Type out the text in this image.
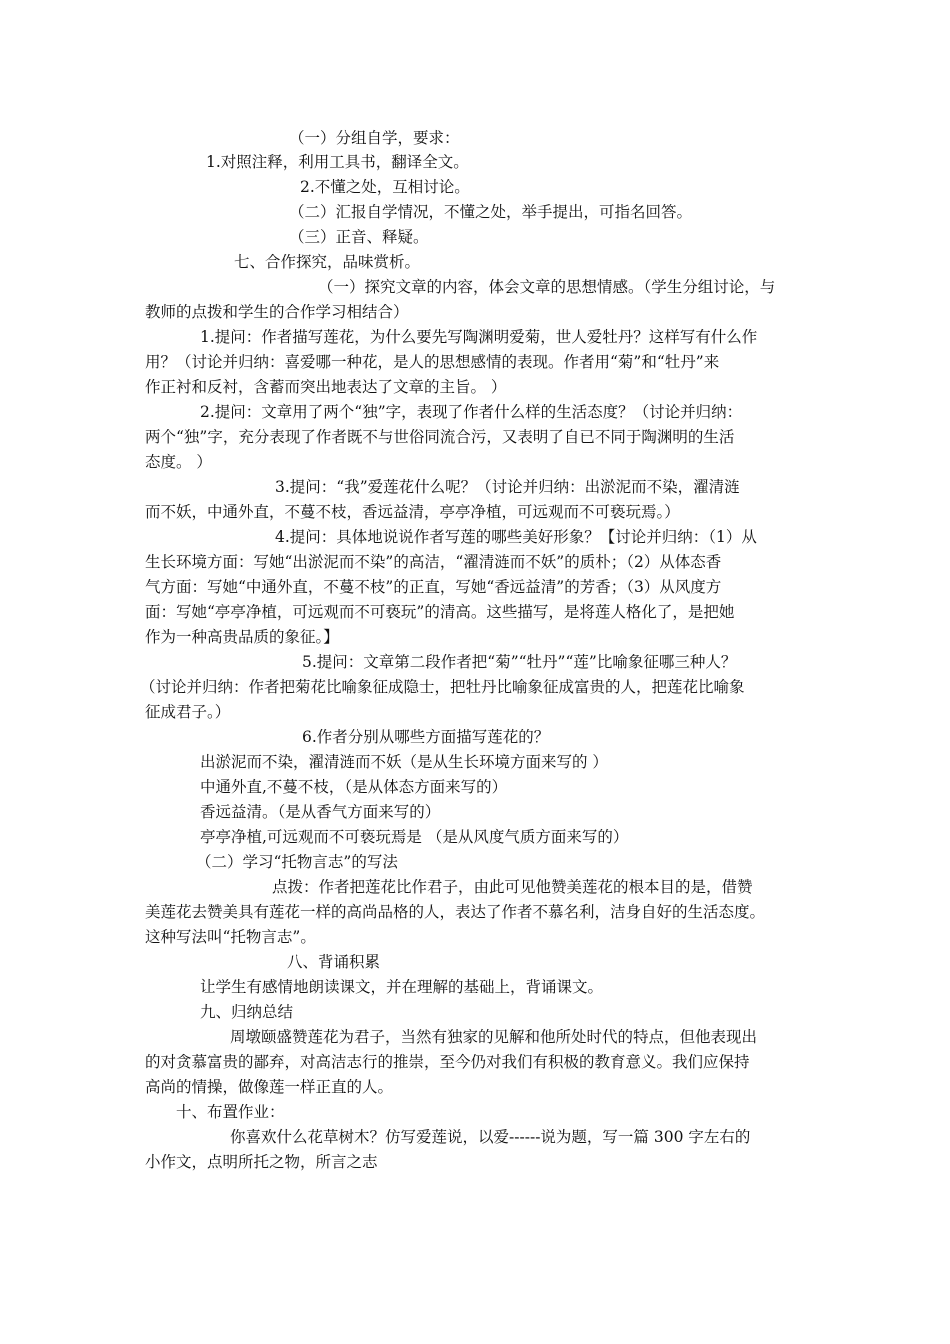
（一）分组自学，要求：
1.对照注释，利用工具书，翻译全文。
2.不懂之处，互相讨论。
（二）汇报自学情况，不懂之处，举手提出，可指名回答。
（三）正音、释疑。
七、合作探究，品味赏析。
（一）探究文章的内容，体会文章的思想情感。（学生分组讨论，与
教师的点拨和学生的合作学习相结合）
1.提问：作者描写莲花，为什么要先写陶渊明爱菊，世人爱牡丹？这样写有什么作
用？（讨论并归纳：喜爱哪一种花，是人的思想感情的表现。作者用“菊”和“牡丹”来
作正衬和反衬，含蓄而突出地表达了文章的主旨。 ）
2.提问：文章用了两个“独”字，表现了作者什么样的生活态度？（讨论并归纳：
两个“独”字，充分表现了作者既不与世俗同流合污，又表明了自已不同于陶渊明的生活
态度。 ）
3.提问：“我”爱莲花什么呢？（讨论并归纳：出淤泥而不染，濯清涟
而不妖，中通外直，不蔓不枝，香远益清，亭亭净植，可远观而不可亵玩焉。）
4.提问：具体地说说作者写莲的哪些美好形象？【讨论并归纳：（1）从
生长环境方面：写她“出淤泥而不染”的高洁，“濯清涟而不妖”的质朴；（2）从体态香
气方面：写她“中通外直，不蔓不枝”的正直，写她“香远益清”的芳香；（3）从风度方
面：写她“亭亭净植，可远观而不可亵玩”的清高。这些描写，是将莲人格化了，是把她
作为一种高贵品质的象征。】
5.提问：文章第二段作者把“菊”“牡丹”“莲”比喻象征哪三种人？
（讨论并归纳：作者把菊花比喻象征成隐士，把牡丹比喻象征成富贵的人，把莲花比喻象
征成君子。）
6.作者分别从哪些方面描写莲花的？
出淤泥而不染，濯清涟而不妖（是从生长环境方面来写的 ）
中通外直,不蔓不枝，（是从体态方面来写的）
香远益清。（是从香气方面来写的）
亭亭净植,可远观而不可亵玩焉是 （是从风度气质方面来写的）
（二）学习“托物言志”的写法
点拨：作者把莲花比作君子，由此可见他赞美莲花的根本目的是，借赞
美莲花去赞美具有莲花一样的高尚品格的人，表达了作者不慕名利，洁身自好的生活态度。
这种写法叫“托物言志”。
八、背诵积累
让学生有感情地朗读课文，并在理解的基础上，背诵课文。
九、归纳总结
周墩颐盛赞莲花为君子，当然有独家的见解和他所处时代的特点，但他表现出
的对贪慕富贵的鄙弃，对高洁志行的推崇，至今仍对我们有积极的教育意义。我们应保持
高尚的情操，做像莲一样正直的人。
十、布置作业：
你喜欢什么花草树木？仿写爱莲说，以爱------说为题，写一篇 300 字左右的
小作文，点明所托之物，所言之志
